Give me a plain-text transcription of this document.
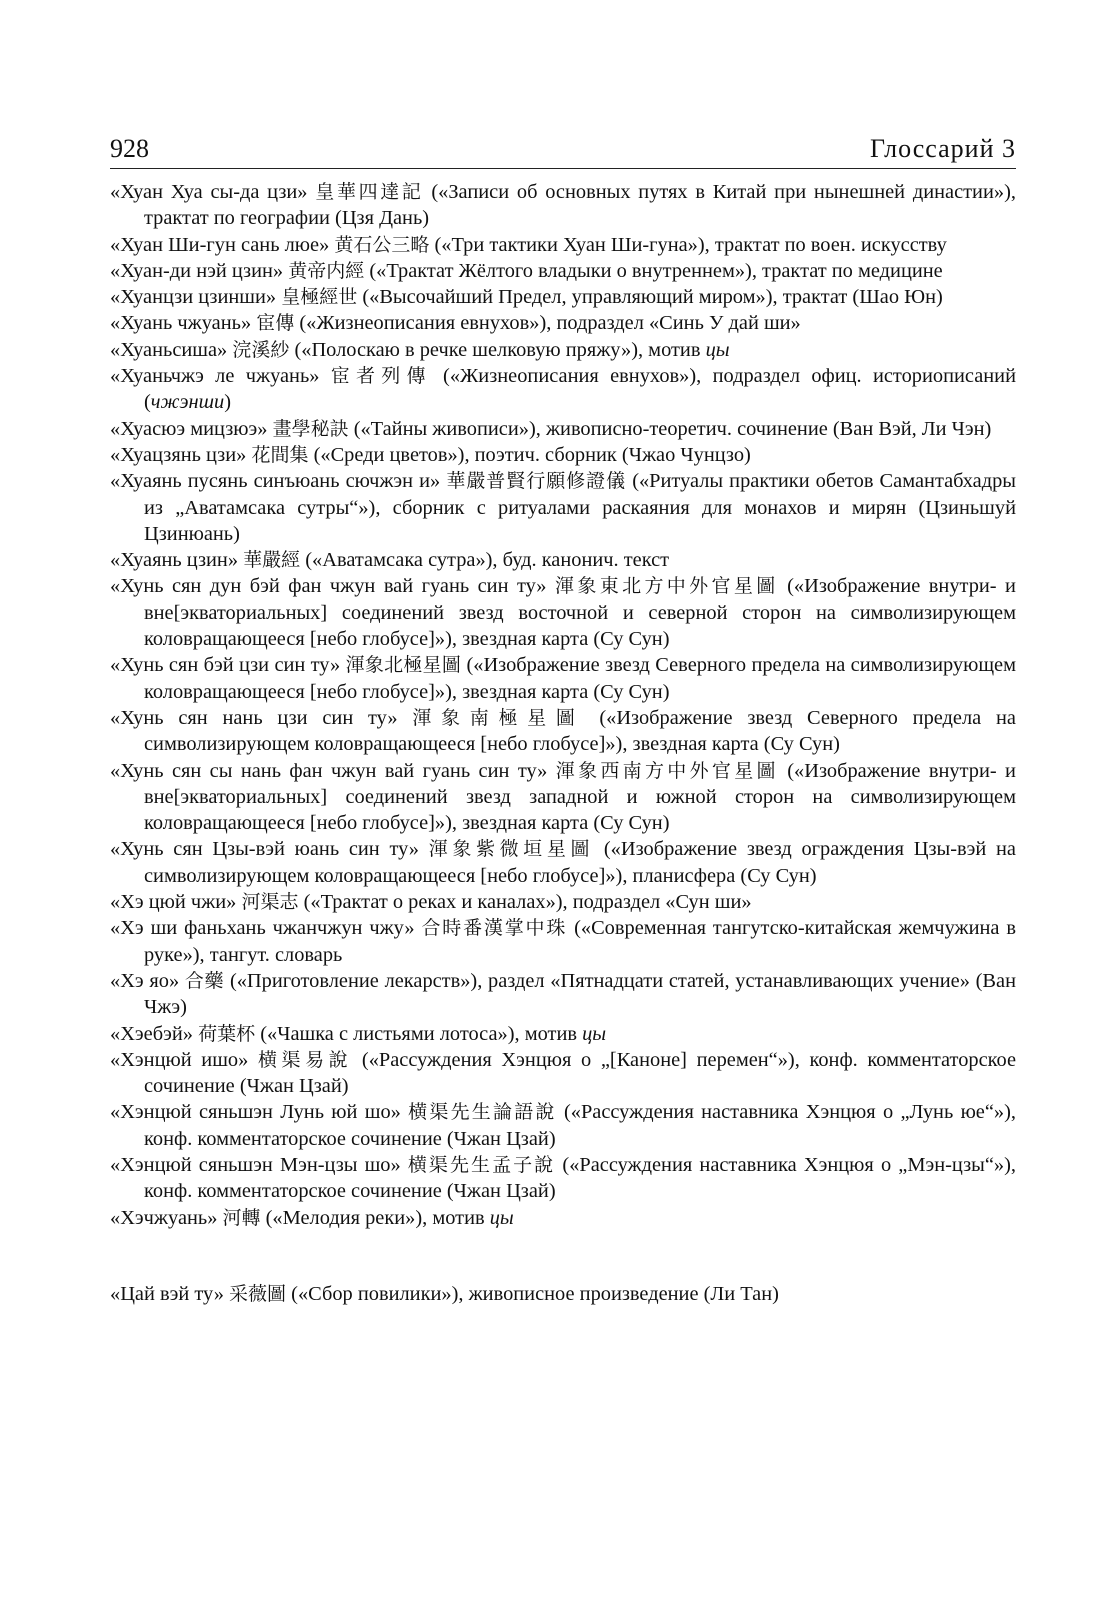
928	Глоссарий 3

«Хуан Хуа сы-да цзи» 皇華四達記 («Записи об основных путях в Китай при нынешней династии»), трактат по географии (Цзя Дань)

«Хуан Ши-гун сань люе» 黄石公三略 («Три тактики Хуан Ши-гуна»), трактат по воен. искусству

«Хуан-ди нэй цзин» 黄帝内經 («Трактат Жёлтого владыки о внутреннем»), трактат по медицине

«Хуанцзи цзинши» 皇極經世 («Высочайший Предел, управляющий миром»), трактат (Шао Юн)

«Хуань чжуань» 宦傳 («Жизнеописания евнухов»), подраздел «Синь У дай ши»

«Хуаньсиша» 浣溪紗 («Полоскаю в речке шелковую пряжу»), мотив цы

«Хуаньчжэ ле чжуань» 宦者列傳 («Жизнеописания евнухов»), подраздел офиц. историописаний (чжэнши)

«Хуасюэ мицзюэ» 畫學秘訣 («Тайны живописи»), живописно-теоретич. сочинение (Ван Вэй, Ли Чэн)

«Хуацзянь цзи» 花間集 («Среди цветов»), поэтич. сборник (Чжао Чунцзо)

«Хуаянь пусянь синъюань сючжэн и» 華嚴普賢行願修證儀 («Ритуалы практики обетов Самантабхадры из „Аватамсака сутры“»), сборник с ритуалами раскаяния для монахов и мирян (Цзиньшуй Цзинюань)

«Хуаянь цзин» 華嚴經 («Аватамсака сутра»), буд. канонич. текст

«Хунь сян дун бэй фан чжун вай гуань син ту» 渾象東北方中外官星圖 («Изображение внутри- и вне[экваториальных] соединений звезд восточной и северной сторон на символизирующем коловращающееся [небо глобусе]»), звездная карта (Су Сун)

«Хунь сян бэй цзи син ту» 渾象北極星圖 («Изображение звезд Северного предела на символизирующем коловращающееся [небо глобусе]»), звездная карта (Су Сун)

«Хунь сян нань цзи син ту» 渾象南極星圖 («Изображение звезд Северного предела на символизирующем коловращающееся [небо глобусе]»), звездная карта (Су Сун)

«Хунь сян сы нань фан чжун вай гуань син ту» 渾象西南方中外官星圖 («Изображение внутри- и вне[экваториальных] соединений звезд западной и южной сторон на символизирующем коловращающееся [небо глобусе]»), звездная карта (Су Сун)

«Хунь сян Цзы-вэй юань син ту» 渾象紫微垣星圖 («Изображение звезд ограждения Цзы-вэй на символизирующем коловращающееся [небо глобусе]»), планисфера (Су Сун)

«Хэ цюй чжи» 河渠志 («Трактат о реках и каналах»), подраздел «Сун ши»

«Хэ ши фаньхань чжанчжун чжу» 合時番漢掌中珠 («Современная тангутско-китайская жемчужина в руке»), тангут. словарь

«Хэ яо» 合藥 («Приготовление лекарств»), раздел «Пятнадцати статей, устанавливающих учение» (Ван Чжэ)

«Хэебэй» 荷葉杯 («Чашка с листьями лотоса»), мотив цы

«Хэнцюй ишо» 横渠易說 («Рассуждения Хэнцюя о „[Каноне] перемен“»), конф. комментаторское сочинение (Чжан Цзай)

«Хэнцюй сяньшэн Лунь юй шо» 横渠先生論語說 («Рассуждения наставника Хэнцюя о „Лунь юе“»), конф. комментаторское сочинение (Чжан Цзай)

«Хэнцюй сяньшэн Мэн-цзы шо» 横渠先生孟子說 («Рассуждения наставника Хэнцюя о „Мэн-цзы“»), конф. комментаторское сочинение (Чжан Цзай)

«Хэчжуань» 河轉 («Мелодия реки»), мотив цы

«Цай вэй ту» 采薇圖 («Сбор повилики»), живописное произведение (Ли Тан)
